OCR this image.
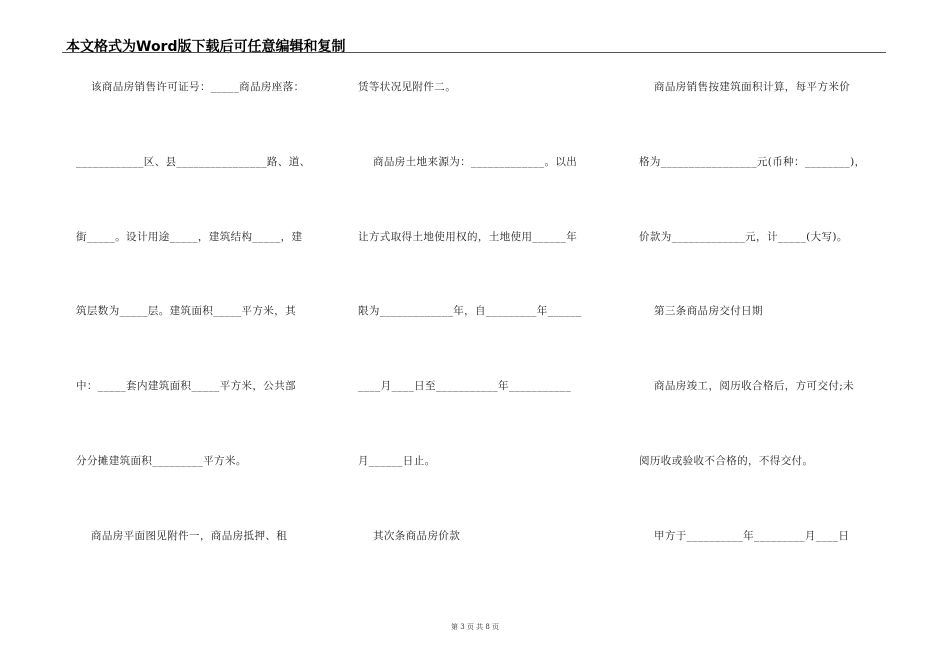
本文格式为Word版下载后可任意编辑和复制
该商品房销售许可证号：_____商品房座落：
____________区、县________________路、道、
街_____。设计用途_____，建筑结构_____，建
筑层数为_____层。建筑面积_____平方米，其
中：_____套内建筑面积_____平方米，公共部
分分摊建筑面积_________平方米。
商品房平面图见附件一，商品房抵押、租
赁等状况见附件二。
商品房土地来源为：_____________。以出
让方式取得土地使用权的，土地使用______年
限为_____________年，自_________年______
____月____日至___________年___________
月______日止。
其次条商品房价款
商品房销售按建筑面积计算，每平方米价
格为_________________元(币种：________)，
价款为_____________元，计_____(大写)。
第三条商品房交付日期
商品房竣工，阅历收合格后，方可交付;未
阅历收或验收不合格的，不得交付。
甲方于__________年_________月____日
第 3 页 共 8 页
